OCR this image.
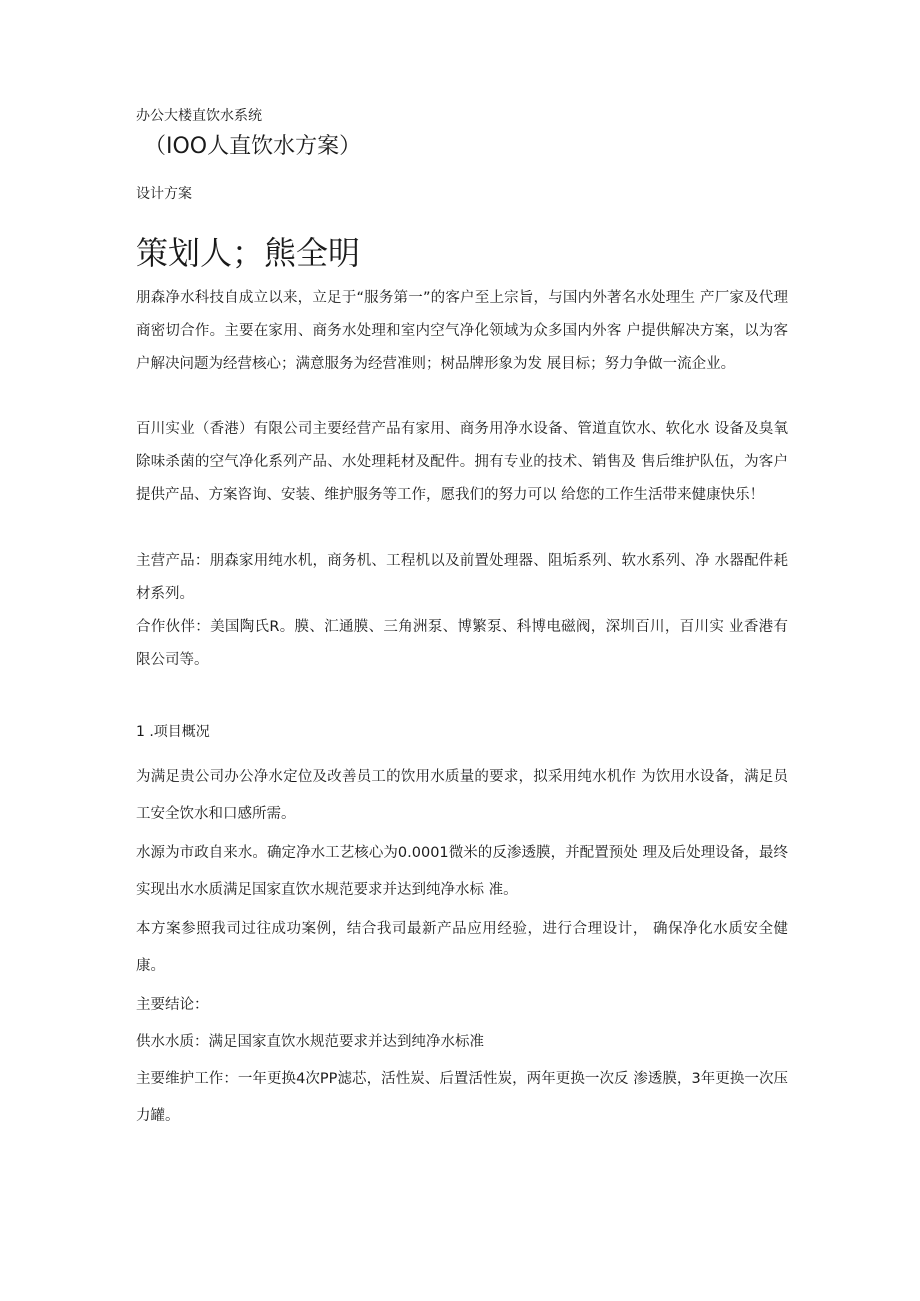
办公大楼直饮水系统
（IOO人直饮水方案）
设计方案
策划人；熊全明
朋森净水科技自成立以来，立足于“服务第一”的客户至上宗旨，与国内外著名水处理生 产厂家及代理商密切合作。主要在家用、商务水处理和室内空气净化领域为众多国内外客 户提供解决方案，以为客户解决问题为经营核心；满意服务为经营准则；树品牌形象为发 展目标；努力争做一流企业。
百川实业（香港）有限公司主要经营产品有家用、商务用净水设备、管道直饮水、软化水 设备及臭氧除味杀菌的空气净化系列产品、水处理耗材及配件。拥有专业的技术、销售及 售后维护队伍，为客户提供产品、方案咨询、安装、维护服务等工作，愿我们的努力可以 给您的工作生活带来健康快乐！
主营产品：朋森家用纯水机，商务机、工程机以及前置处理器、阻垢系列、软水系列、净 水器配件耗材系列。
合作伙伴：美国陶氏R。膜、汇通膜、三角洲泵、博繁泵、科博电磁阀，深圳百川，百川实 业香港有限公司等。
1 .项目概况
为满足贵公司办公净水定位及改善员工的饮用水质量的要求，拟采用纯水机作 为饮用水设备，满足员工安全饮水和口感所需。
水源为市政自来水。确定净水工艺核心为0.0001微米的反渗透膜，并配置预处 理及后处理设备，最终实现出水水质满足国家直饮水规范要求并达到纯净水标 准。
本方案参照我司过往成功案例，结合我司最新产品应用经验，进行合理设计， 确保净化水质安全健康。
主要结论：
供水水质：满足国家直饮水规范要求并达到纯净水标准
主要维护工作：一年更换4次PP滤芯，活性炭、后置活性炭，两年更换一次反 渗透膜，3年更换一次压力罐。
